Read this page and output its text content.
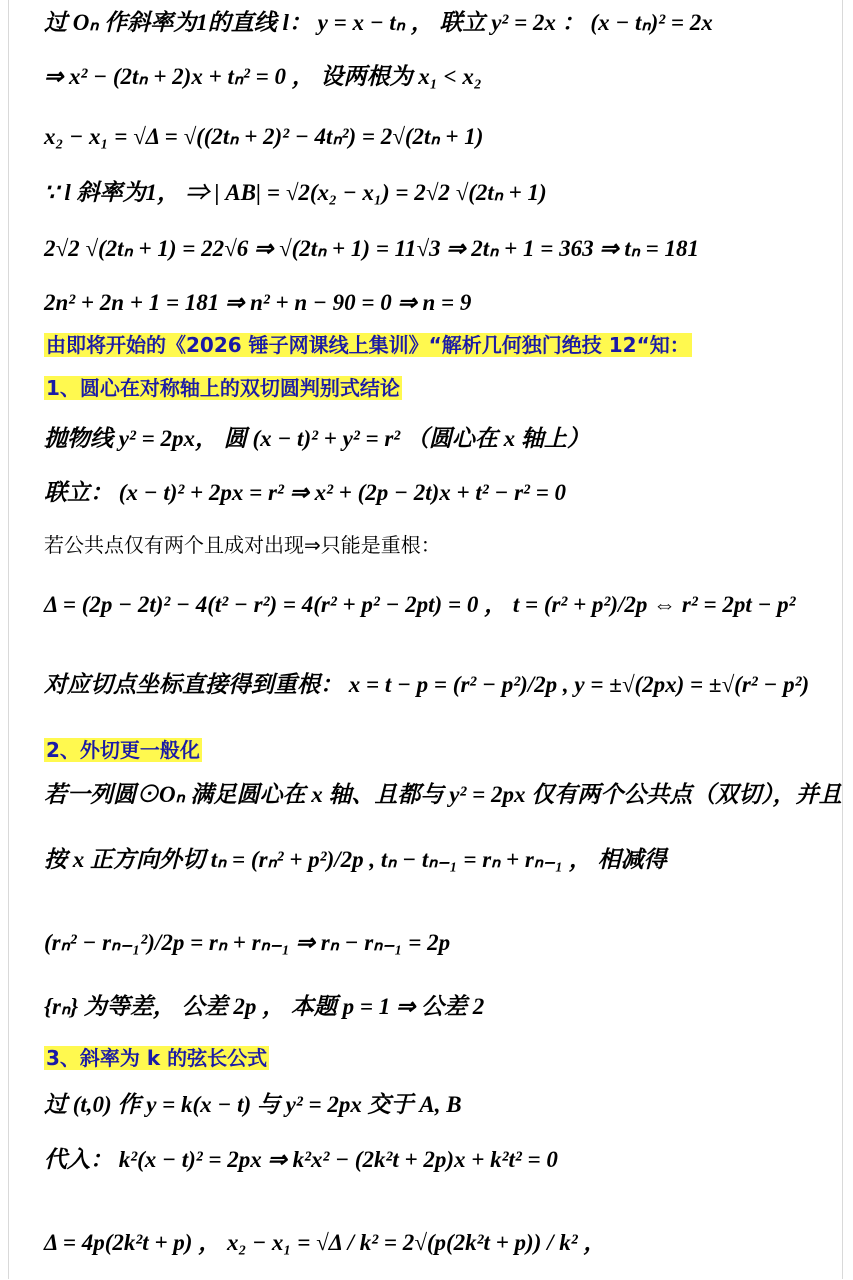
过 Oₙ 作斜率为1的直线 l： y = x − tₙ ， 联立 y² = 2x ： (x − tₙ)² = 2x
⇒ x² − (2tₙ + 2)x + tₙ² = 0 ， 设两根为 x₁ < x₂
x₂ − x₁ = √Δ = √((2tₙ + 2)² − 4tₙ²) = 2√(2tₙ + 1)
∵ l 斜率为1， ⇒ | AB| = √2(x₂ − x₁) = 2√2 √(2tₙ + 1)
2√2 √(2tₙ + 1) = 22√6 ⇒ √(2tₙ + 1) = 11√3 ⇒ 2tₙ + 1 = 363 ⇒ tₙ = 181
2n² + 2n + 1 = 181 ⇒ n² + n − 90 = 0 ⇒ n = 9
由即将开始的《2026 锤子网课线上集训》“解析几何独门绝技 12“知：
1、圆心在对称轴上的双切圆判别式结论
抛物线 y² = 2px， 圆 (x − t)² + y² = r² （圆心在 x 轴上）
联立： (x − t)² + 2px = r² ⇒ x² + (2p − 2t)x + t² − r² = 0
若公共点仅有两个且成对出现⇒只能是重根：
Δ = (2p − 2t)² − 4(t² − r²) = 4(r² + p² − 2pt) = 0 ， t = (r² + p²)/2p ⇔ r² = 2pt − p²
对应切点坐标直接得到重根： x = t − p = (r² − p²)/2p , y = ±√(2px) = ±√(r² − p²)
2、外切更一般化
若一列圆⊙Oₙ 满足圆心在 x 轴、且都与 y² = 2px 仅有两个公共点（双切），并且
按 x 正方向外切 tₙ = (rₙ² + p²)/2p , tₙ − tₙ₋₁ = rₙ + rₙ₋₁ ， 相减得
(rₙ² − rₙ₋₁²)/2p = rₙ + rₙ₋₁ ⇒ rₙ − rₙ₋₁ = 2p
{rₙ} 为等差， 公差 2p ， 本题 p = 1 ⇒ 公差 2
3、斜率为 k 的弦长公式
过 (t,0) 作 y = k(x − t) 与 y² = 2px 交于 A, B
代入： k²(x − t)² = 2px ⇒ k²x² − (2k²t + 2p)x + k²t² = 0
Δ = 4p(2k²t + p) ， x₂ − x₁ = √Δ / k² = 2√(p(2k²t + p)) / k² ，
